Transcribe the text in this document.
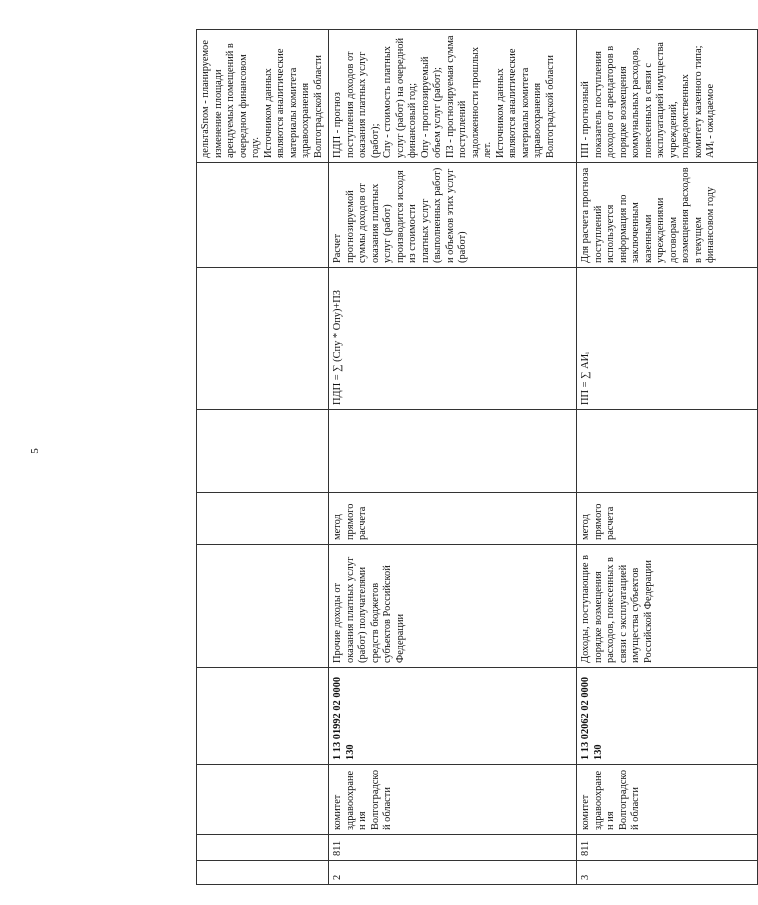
5
									дельтаSпом - планируемое изменение площади арендуемых помещений в очередном финансовом году.
Источником данных являются аналитические материалы комитета здравоохранения Волгоградской области
2	811	комитет здравоохранен ия Волгоградской области	1 13 01992 02 0000 130	Прочие доходы от оказания платных услуг (работ) получателями средств бюджетов субъектов Российской Федерации	метод прямого расчета		ПДП = ∑ (Спу * Опу)+ПЗ	Расчет прогнозируемой суммы доходов от оказания платных услуг (работ) производится исходя из стоимости платных услуг (выполненных работ) и объемов этих услуг (работ)	ПДП - прогноз поступления доходов от оказания платных услуг (работ);
Спу - стоимость платных услуг (работ) на очередной финансовый год;
Опу - прогнозируемый объем услуг (работ);
ПЗ - прогнозируемая сумма поступлений задолженности прошлых лет.
Источником данных являются аналитические материалы комитета здравоохранения Волгоградской области
3	811	комитет здравоохранен ия Волгоградской области	1 13 02062 02 0000 130	Доходы, поступающие в порядке возмещения расходов, понесенных в связи с эксплуатацией имущества субъектов Российской Федерации	метод прямого расчета		ПП = ∑ АИᵢ	Для расчета прогноза поступлений используется информация по заключенным казенными учреждениями договорам возмещения расходов в текущем финансовом году	ПП - прогнозный показатель поступления доходов от арендаторов в порядке возмещения коммунальных расходов, понесенных в связи с эксплуатацией имущества учреждений, подведомственных комитету казенного типа;
АИᵢ - ожидаемое
